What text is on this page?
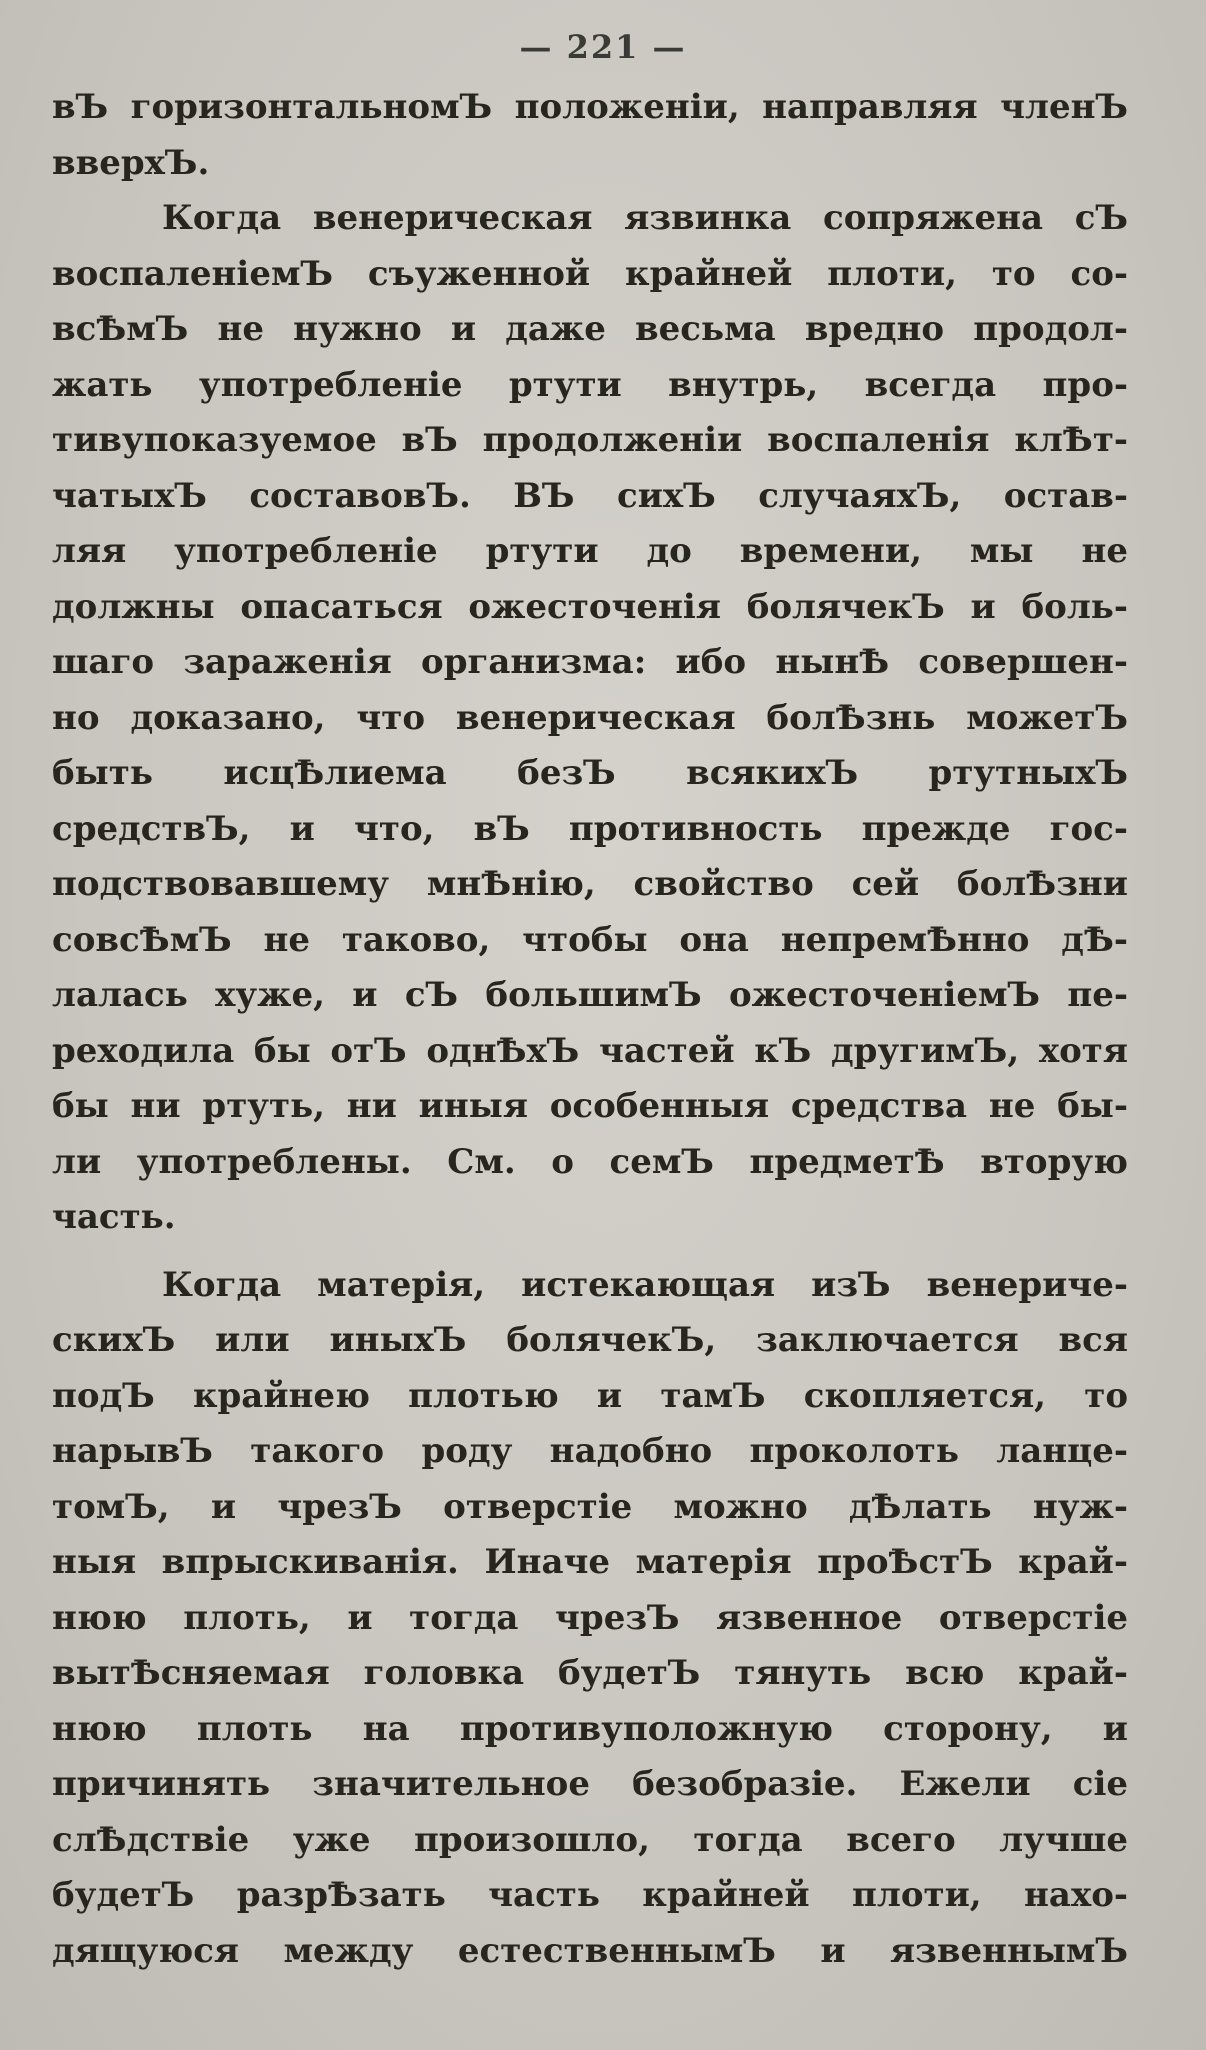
— 221 —
вЪ горизонтальномЪ положенiи, направляя членЪ
вверхЪ.
Когда венерическая язвинка сопряжена сЪ
воспаленiемЪ съуженной крайней плоти, то со-
всѢмЪ не нужно и даже весьма вредно продол-
жать употребленiе ртути внутрь, всегда про-
тивупоказуемое вЪ продолженiи воспаленiя клѢт-
чатыхЪ составовЪ. ВЪ сихЪ случаяхЪ, остав-
ляя употребленiе ртути до времени, мы не
должны опасаться ожесточенiя болячекЪ и боль-
шаго зараженiя организма: ибо нынѢ совершен-
но доказано, что венерическая болѢзнь можетЪ
быть исцѢлиема безЪ всякихЪ ртутныхЪ
средствЪ, и что, вЪ противность прежде гос-
подствовавшему мнѢнiю, свойство сей болѢзни
совсѢмЪ не таково, чтобы она непремѢнно дѢ-
лалась хуже, и сЪ большимЪ ожесточенiемЪ пе-
реходила бы отЪ однѢхЪ частей кЪ другимЪ, хотя
бы ни ртуть, ни иныя особенныя средства не бы-
ли употреблены. См. о семЪ предметѢ вторую
часть.
Когда матерiя, истекающая изЪ венериче-
скихЪ или иныхЪ болячекЪ, заключается вся
подЪ крайнею плотью и тамЪ скопляется, то
нарывЪ такого роду надобно проколоть ланце-
томЪ, и чрезЪ отверстiе можно дѢлать нуж-
ныя впрыскиванiя. Иначе матерiя проѢстЪ край-
нюю плоть, и тогда чрезЪ язвенное отверстiе
вытѢсняемая головка будетЪ тянуть всю край-
нюю плоть на противуположную сторону, и
причинять значительное безобразiе. Ежели сiе
слѢдствiе уже произошло, тогда всего лучше
будетЪ разрѢзать часть крайней плоти, нахо-
дящуюся между естественнымЪ и язвеннымЪ
